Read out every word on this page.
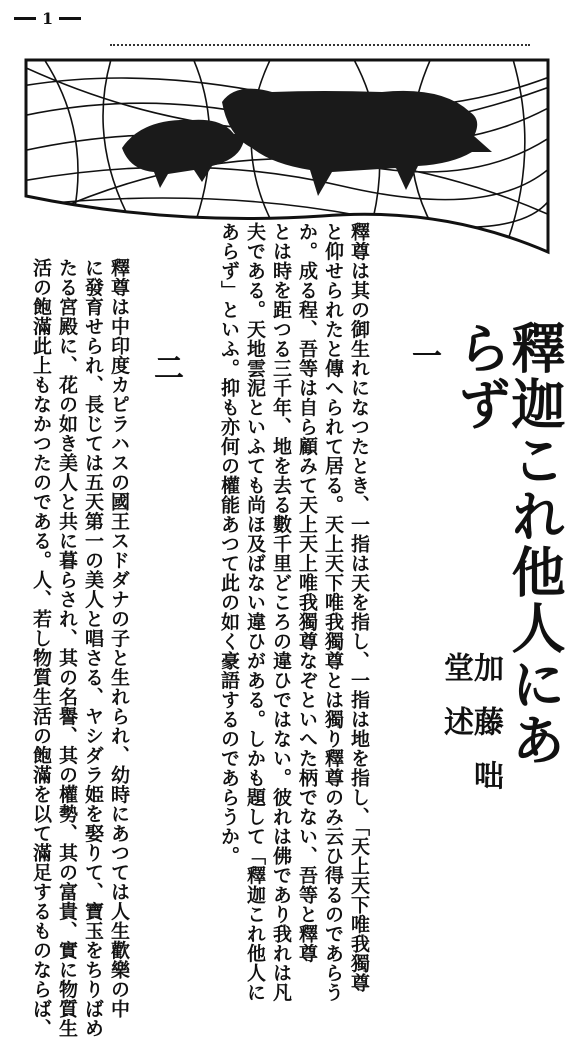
1
釋迦これ他人にあらず
加藤咄堂述
一
釋尊は其の御生れになつたとき、一指は天を指し、一指は地を指し、「天上天下唯我獨尊
と仰せられたと傳へられて居る。天上天下唯我獨尊とは獨り釋尊のみ云ひ得るのであらう
か。成る程、吾等は自ら顧みて天上天上唯我獨尊なぞといへた柄でない、吾等と釋尊
とは時を距つる三千年、地を去る數千里どころの違ひではない。彼れは佛であり我れは凡
夫である。天地雲泥といふても尚ほ及ばない違ひがある。しかも題して「釋迦これ他人に
あらず」といふ。抑も亦何の權能あつて此の如く豪語するのであらうか。
二
釋尊は中印度カピラハスの國王スドダナの子と生れられ、幼時にあつては人生歡樂の中
に發育せられ、長じては五天第一の美人と唱さる、ヤシダラ姫を娶りて、寶玉をちりばめ
たる宮殿に、花の如き美人と共に暮らされ、其の名譽、其の權勢、其の富貴、實に物質生
活の飽滿此上もなかつたのである。人、若し物質生活の飽滿を以て滿足するものならば、
